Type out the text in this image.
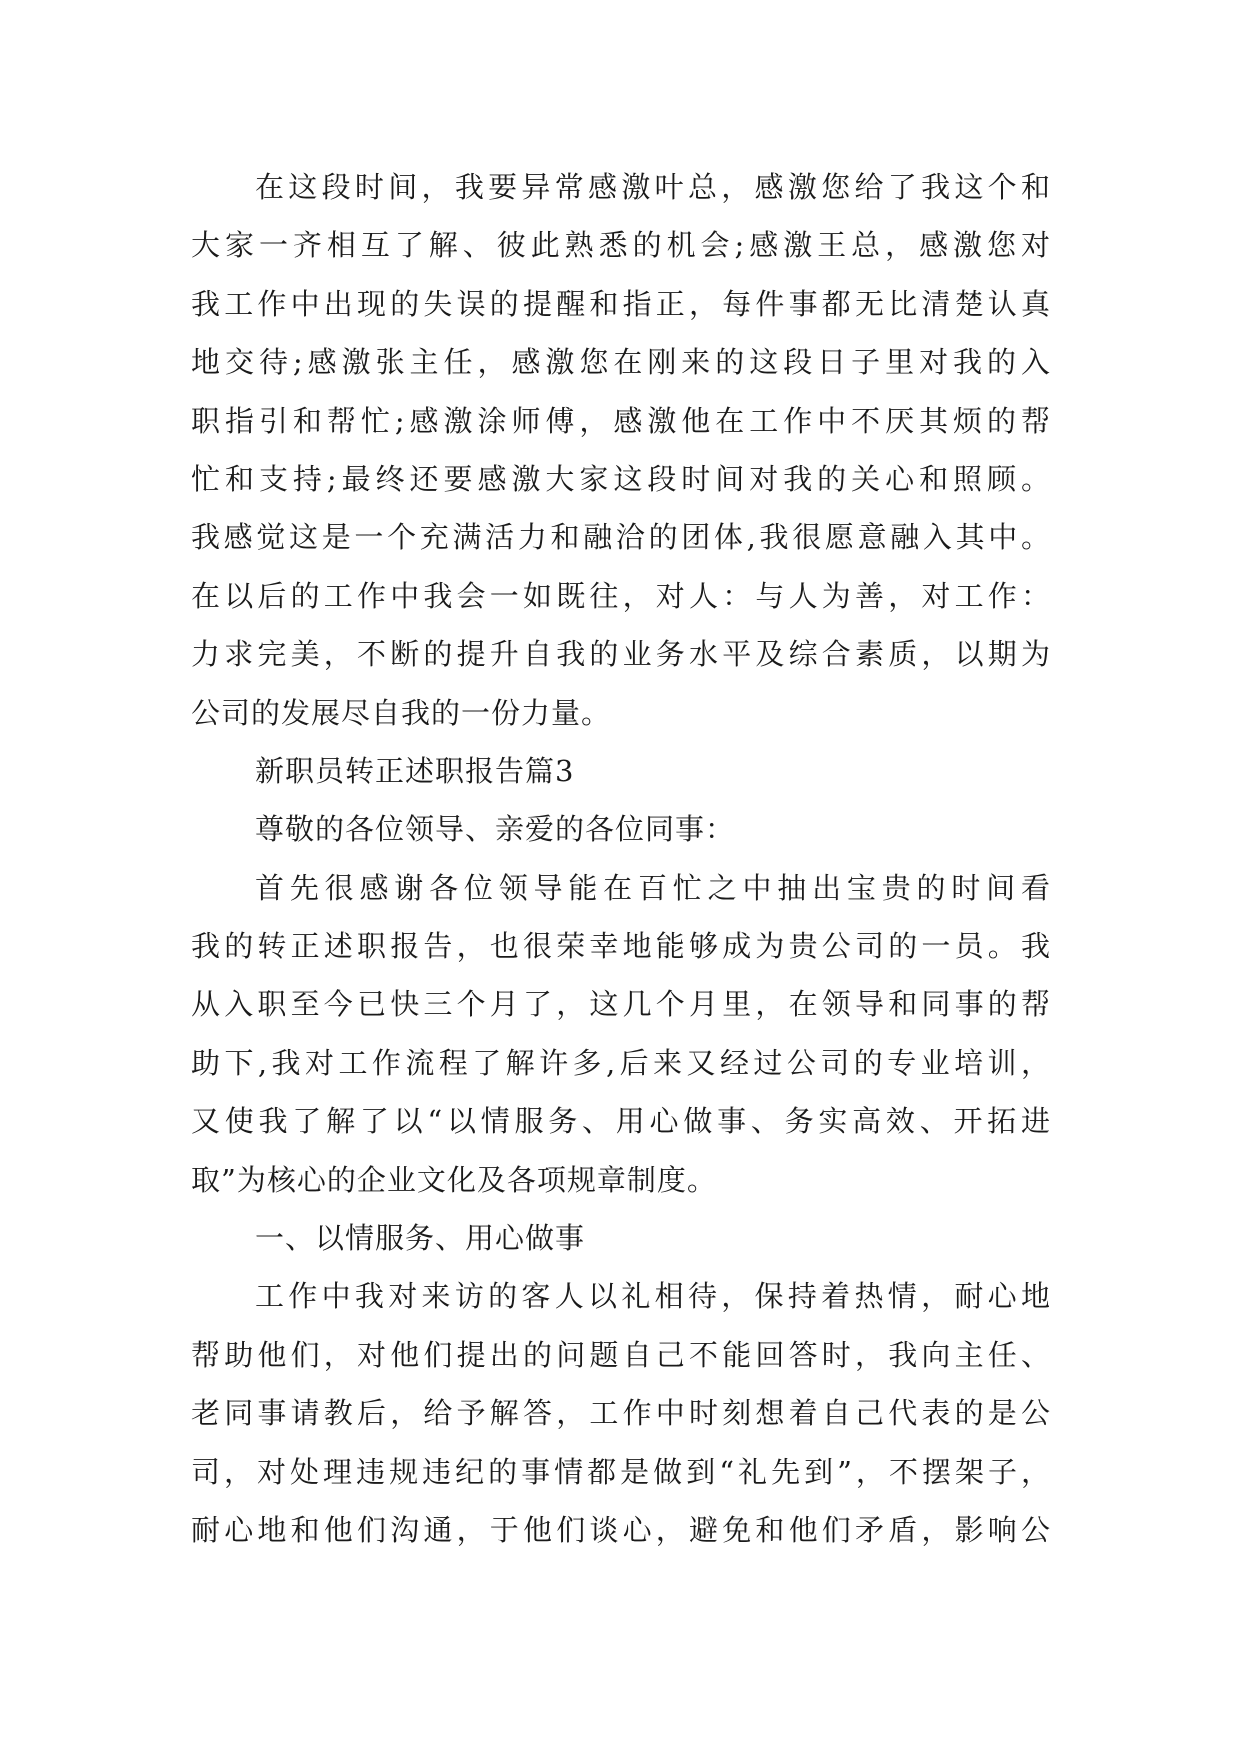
在这段时间，我要异常感激叶总，感激您给了我这个和
大家一齐相互了解、彼此熟悉的机会;感激王总，感激您对
我工作中出现的失误的提醒和指正，每件事都无比清楚认真
地交待;感激张主任，感激您在刚来的这段日子里对我的入
职指引和帮忙;感激涂师傅，感激他在工作中不厌其烦的帮
忙和支持;最终还要感激大家这段时间对我的关心和照顾。
我感觉这是一个充满活力和融洽的团体,我很愿意融入其中。
在以后的工作中我会一如既往，对人：与人为善，对工作：
力求完美，不断的提升自我的业务水平及综合素质，以期为
公司的发展尽自我的一份力量。
新职员转正述职报告篇3
尊敬的各位领导、亲爱的各位同事：
首先很感谢各位领导能在百忙之中抽出宝贵的时间看
我的转正述职报告，也很荣幸地能够成为贵公司的一员。我
从入职至今已快三个月了，这几个月里，在领导和同事的帮
助下,我对工作流程了解许多,后来又经过公司的专业培训，
又使我了解了以“以情服务、用心做事、务实高效、开拓进
取”为核心的企业文化及各项规章制度。
一、以情服务、用心做事
工作中我对来访的客人以礼相待，保持着热情，耐心地
帮助他们，对他们提出的问题自己不能回答时，我向主任、
老同事请教后，给予解答，工作中时刻想着自己代表的是公
司，对处理违规违纪的事情都是做到“礼先到”，不摆架子，
耐心地和他们沟通，于他们谈心，避免和他们矛盾，影响公
